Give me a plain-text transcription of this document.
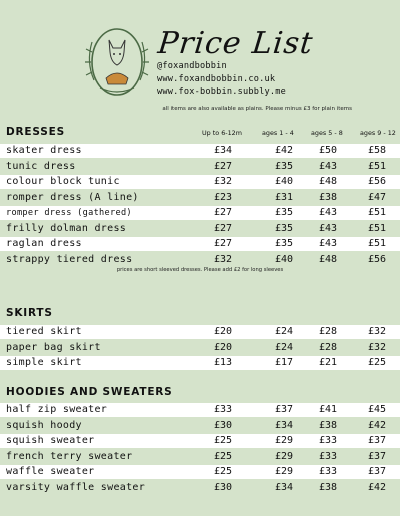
Price List
@foxandbobbin
www.foxandbobbin.co.uk
www.fox-bobbin.subbly.me
all items are also available as plains. Please minus £3 for plain items
Up to 6-12m	ages 1 - 4	ages 5 - 8	ages 9 - 12
DRESSES
skater dress	£34	£42	£50	£58
tunic dress	£27	£35	£43	£51
colour block tunic	£32	£40	£48	£56
romper dress (A line)	£23	£31	£38	£47
romper dress (gathered)	£27	£35	£43	£51
frilly dolman dress	£27	£35	£43	£51
raglan dress	£27	£35	£43	£51
strappy tiered dress	£32	£40	£48	£56
prices are short sleeved dresses. Please add £2 for long sleeves
SKIRTS
tiered skirt	£20	£24	£28	£32
paper bag skirt	£20	£24	£28	£32
simple skirt	£13	£17	£21	£25
HOODIES AND SWEATERS
half zip sweater	£33	£37	£41	£45
squish hoody	£30	£34	£38	£42
squish sweater	£25	£29	£33	£37
french terry sweater	£25	£29	£33	£37
waffle sweater	£25	£29	£33	£37
varsity waffle sweater	£30	£34	£38	£42
